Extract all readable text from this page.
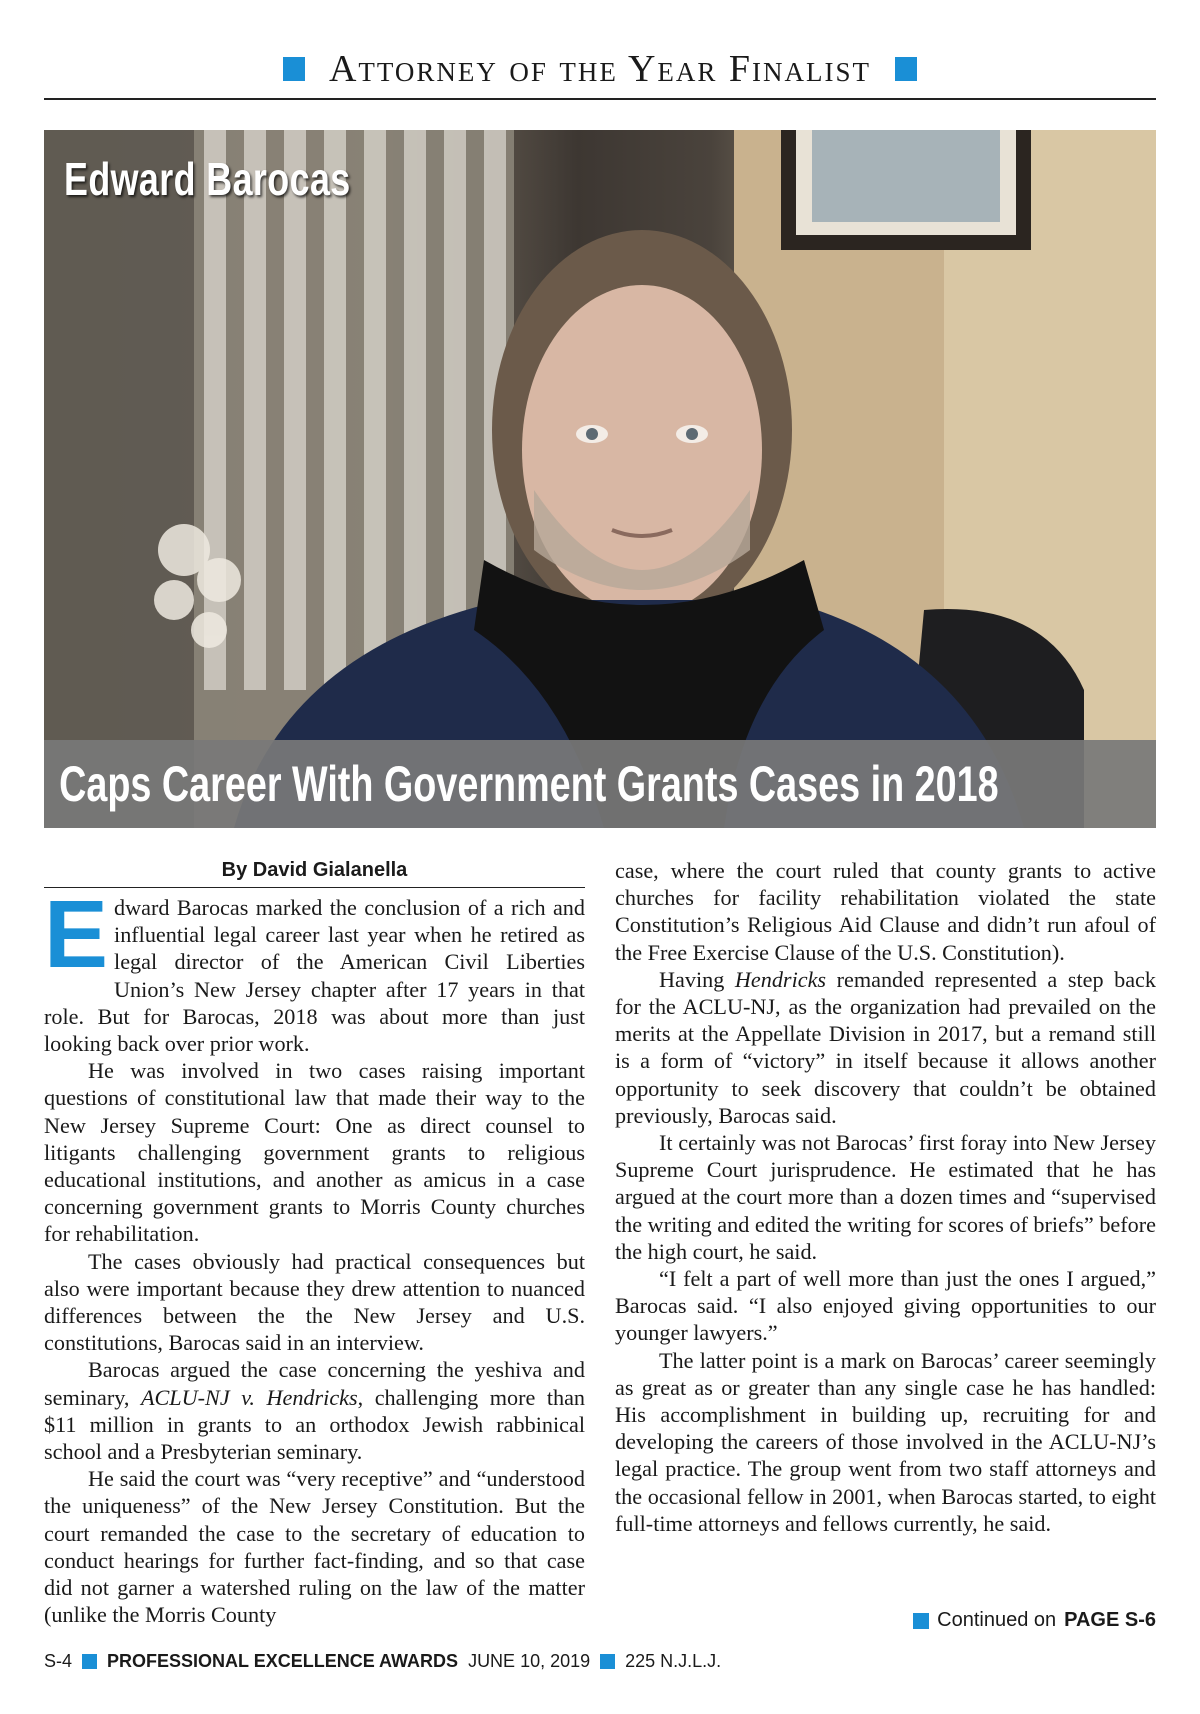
Attorney of the Year Finalist
Edward Barocas
Caps Career With Government Grants Cases in 2018
By David Gialanella

Edward Barocas marked the conclusion of a rich and influential legal career last year when he retired as legal director of the American Civil Liberties Union’s New Jersey chapter after 17 years in that role. But for Barocas, 2018 was about more than just looking back over prior work.

He was involved in two cases raising important questions of constitutional law that made their way to the New Jersey Supreme Court: One as direct counsel to litigants challenging government grants to religious educational institutions, and another as amicus in a case concerning government grants to Morris County churches for rehabilitation.

The cases obviously had practical consequences but also were important because they drew attention to nuanced differences between the the New Jersey and U.S. constitutions, Barocas said in an interview.

Barocas argued the case concerning the yeshiva and seminary, ACLU-NJ v. Hendricks, challenging more than $11 million in grants to an orthodox Jewish rabbinical school and a Presbyterian seminary.

He said the court was “very receptive” and “understood the uniqueness” of the New Jersey Constitution. But the court remanded the case to the secretary of education to conduct hearings for further fact-finding, and so that case did not garner a watershed ruling on the law of the matter (unlike the Morris County

case, where the court ruled that county grants to active churches for facility rehabilitation violated the state Constitution’s Religious Aid Clause and didn’t run afoul of the Free Exercise Clause of the U.S. Constitution).

Having Hendricks remanded represented a step back for the ACLU-NJ, as the organization had prevailed on the merits at the Appellate Division in 2017, but a remand still is a form of “victory” in itself because it allows another opportunity to seek discovery that couldn’t be obtained previously, Barocas said.

It certainly was not Barocas’ first foray into New Jersey Supreme Court jurisprudence. He estimated that he has argued at the court more than a dozen times and “supervised the writing and edited the writing for scores of briefs” before the high court, he said.

“I felt a part of well more than just the ones I argued,” Barocas said. “I also enjoyed giving opportunities to our younger lawyers.”

The latter point is a mark on Barocas’ career seemingly as great as or greater than any single case he has handled: His accomplishment in building up, recruiting for and developing the careers of those involved in the ACLU-NJ’s legal practice. The group went from two staff attorneys and the occasional fellow in 2001, when Barocas started, to eight full-time attorneys and fellows currently, he said.

Continued on PAGE S-6
S-4 PROFESSIONAL EXCELLENCE AWARDS JUNE 10, 2019 225 N.J.L.J.
